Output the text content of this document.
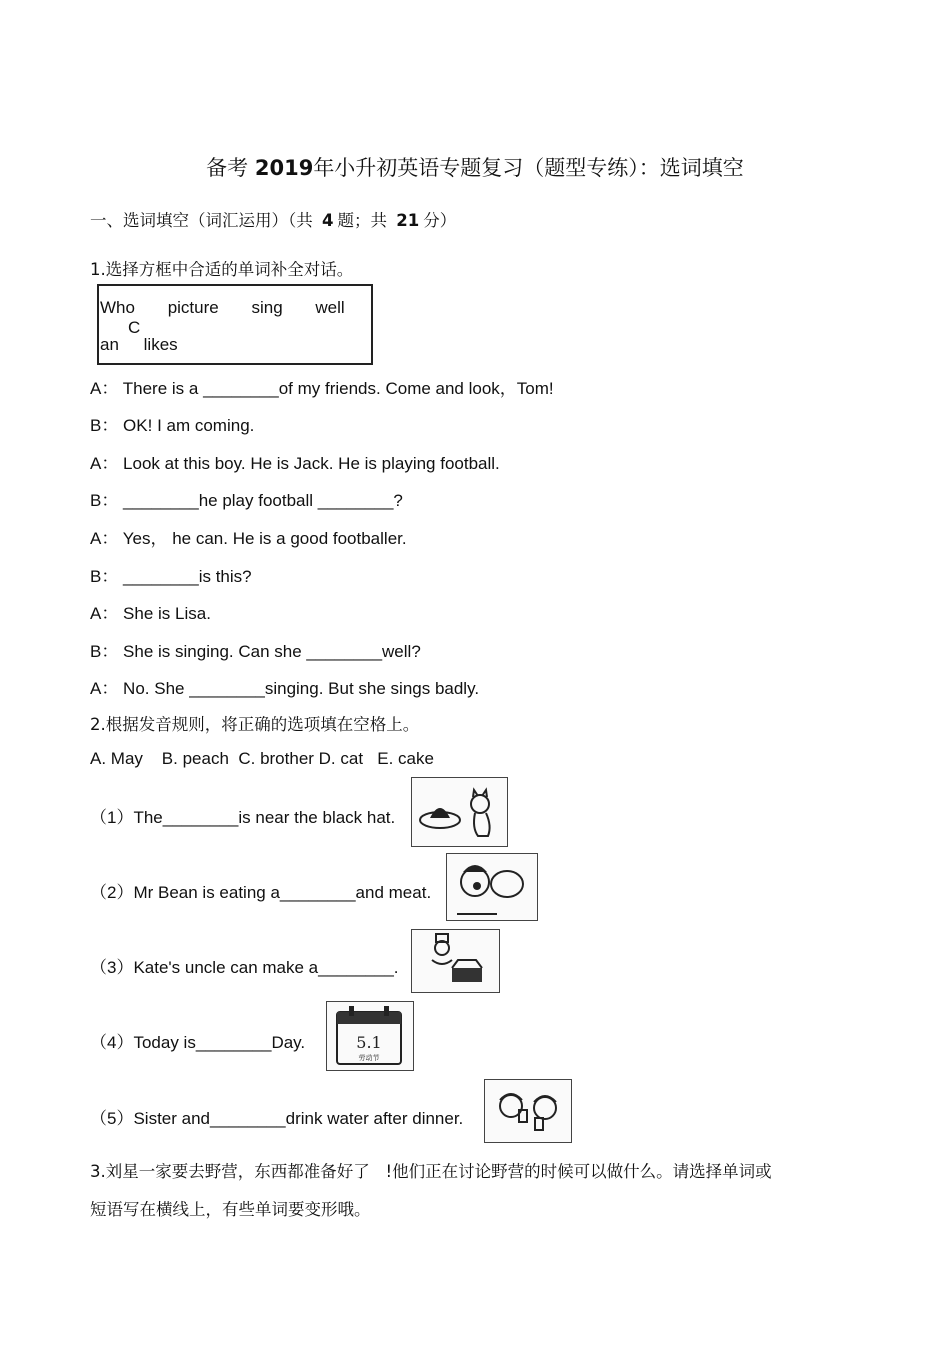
备考 2019年小升初英语专题复习（题型专练）：选词填空
一、选词填空（词汇运用）（共 4 题；共 21 分）
1.选择方框中合适的单词补全对话。
Who picture sing well C
an likes
A： There is a ________of my friends. Come and look，Tom!
B： OK! I am coming.
A： Look at this boy. He is Jack. He is playing football.
B： ________he play football ________?
A： Yes， he can. He is a good footballer.
B： ________is this?
A： She is Lisa.
B： She is singing. Can she ________well?
A： No. She ________singing. But she sings badly.
2.根据发音规则，将正确的选项填在空格上。
A. May    B. peach  C. brother D. cat   E. cake
（1）The________is near the black hat.
（2）Mr Bean is eating a________and meat.
（3）Kate's uncle can make a________.
（4）Today is________Day.	5.1
劳动节
（5）Sister and________drink water after dinner.
3.刘星一家要去野营，东西都准备好了   !他们正在讨论野营的时候可以做什么。请选择单词或
短语写在横线上，有些单词要变形哦。
